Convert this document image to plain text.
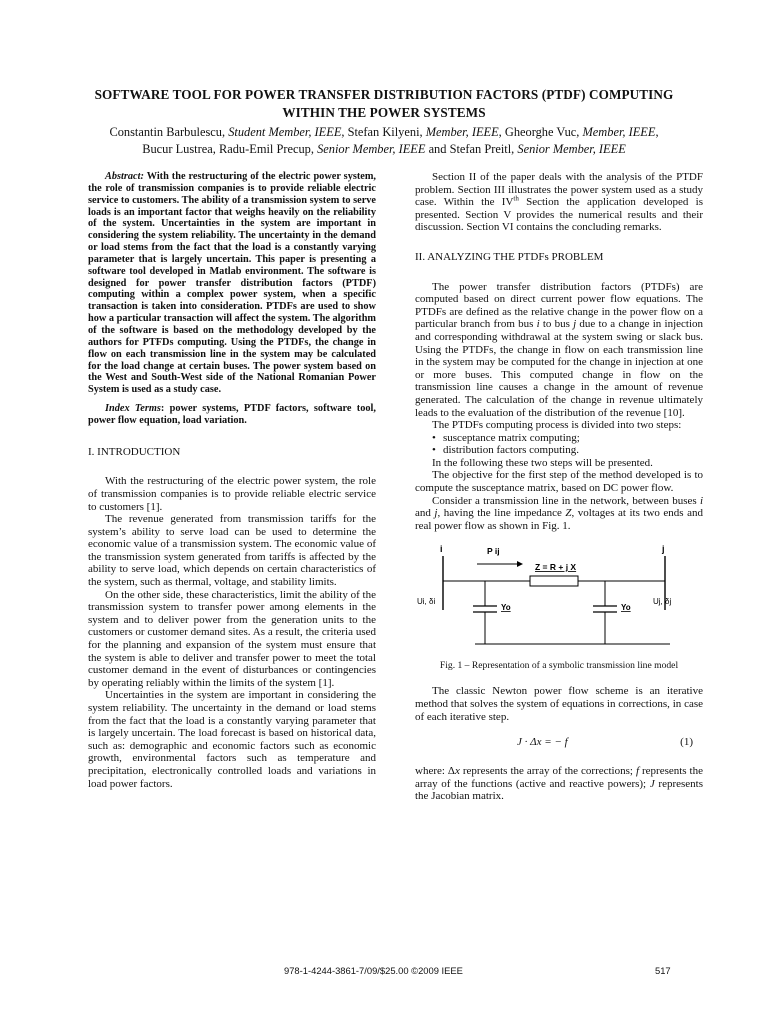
SOFTWARE TOOL FOR POWER TRANSFER DISTRIBUTION FACTORS (PTDF) COMPUTING
WITHIN THE POWER SYSTEMS
Constantin Barbulescu, Student Member, IEEE, Stefan Kilyeni, Member, IEEE, Gheorghe Vuc, Member, IEEE,
Bucur Lustrea, Radu-Emil Precup, Senior Member, IEEE and Stefan Preitl, Senior Member, IEEE

Abstract: With the restructuring of the electric power system, the role of transmission companies is to provide reliable electric service to customers. The ability of a transmission system to serve loads is an important factor that weighs heavily on the reliability of the system. Uncertainties in the system are important in considering the system reliability. The uncertainty in the demand or load stems from the fact that the load is a constantly varying parameter that is largely uncertain. This paper is presenting a software tool developed in Matlab environment. The software is designed for power transfer distribution factors (PTDF) computing within a complex power system, when a specific transaction is taken into consideration. PTDFs are used to show how a particular transaction will affect the system. The algorithm of the software is based on the methodology developed by the authors for PTFDs computing. Using the PTDFs, the change in flow on each transmission line in the system may be calculated for the load change at certain buses. The power system based on the West and South-West side of the National Romanian Power System is used as a study case.

Index Terms: power systems, PTDF factors, software tool, power flow equation, load variation.

I. INTRODUCTION

With the restructuring of the electric power system, the role of transmission companies is to provide reliable electric service to customers [1].

The revenue generated from transmission tariffs for the system’s ability to serve load can be used to determine the economic value of a transmission system. The economic value of the transmission system generated from tariffs is affected by the ability to serve load, which depends on certain characteristics of the system, such as thermal, voltage, and stability limits.

On the other side, these characteristics, limit the ability of the transmission system to transfer power among elements in the system and to deliver power from the generation units to the customers or customer demand sites. As a result, the criteria used for the planning and expansion of the system must ensure that the system is able to deliver and transfer power to meet the total customer demand in the event of disturbances or contingencies by operating reliably within the limits of the system [1].

Uncertainties in the system are important in considering the system reliability. The uncertainty in the demand or load stems from the fact that the load is a constantly varying parameter that is largely uncertain. The load forecast is based on historical data, such as: demographic and economic factors such as economic growth, environmental factors such as temperature and precipitation, electronically controlled loads and variations in load power factors.

Section II of the paper deals with the analysis of the PTDF problem. Section III illustrates the power system used as a study case. Within the IVth Section the application developed is presented. Section V provides the numerical results and their discussion. Section VI contains the concluding remarks.

II. ANALYZING THE PTDFs PROBLEM

The power transfer distribution factors (PTDFs) are computed based on direct current power flow equations. The PTDFs are defined as the relative change in the power flow on a particular branch from bus i to bus j due to a change in injection and corresponding withdrawal at the system swing or slack bus. Using the PTDFs, the change in flow on each transmission line in the system may be computed for the change in injection at one or more buses. This computed change in flow on the transmission line causes a change in the amount of revenue generated. The calculation of the change in revenue ultimately leads to the evaluation of the distribution of the revenue [10].

The PTDFs computing process is divided into two steps:

• susceptance matrix computing;
• distribution factors computing.

In the following these two steps will be presented.

The objective for the first step of the method developed is to compute the susceptance matrix, based on DC power flow.

Consider a transmission line in the network, between buses i and j, having the line impedance Z, voltages at its two ends and real power flow as shown in Fig. 1.

i	P ij
Z = R + j X
j
Ui, δi	Uj, δj
Yo	Yo

Fig. 1 – Representation of a symbolic transmission line model

The classic Newton power flow scheme is an iterative method that solves the system of equations in corrections, in case of each iterative step.

J · Δx = − f	(1)

where: Δx represents the array of the corrections; f represents the array of the functions (active and reactive powers); J represents the Jacobian matrix.

978-1-4244-3861-7/09/$25.00 ©2009 IEEE	517
